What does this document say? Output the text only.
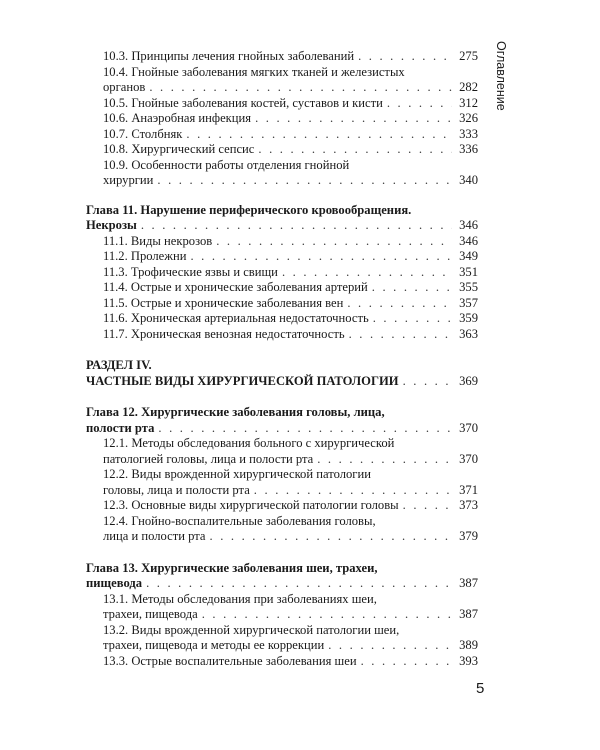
Оглавление
10.3. Принципы лечения гнойных заболеваний . . .	275
10.4. Гнойные заболевания мягких тканей и железистых
органов . . .	282
10.5. Гнойные заболевания костей, суставов и кисти . . .	312
10.6. Анаэробная инфекция . . .	326
10.7. Столбняк . . .	333
10.8. Хирургический сепсис . . .	336
10.9. Особенности работы отделения гнойной
хирургии . . .	340
Глава 11. Нарушение периферического кровообращения.
Некрозы . . .	346
11.1. Виды некрозов . . .	346
11.2. Пролежни . . .	349
11.3. Трофические язвы и свищи . . .	351
11.4. Острые и хронические заболевания артерий . . .	355
11.5. Острые и хронические заболевания вен . . .	357
11.6. Хроническая артериальная недостаточность . . .	359
11.7. Хроническая венозная недостаточность . . .	363
РАЗДЕЛ IV.
ЧАСТНЫЕ ВИДЫ ХИРУРГИЧЕСКОЙ ПАТОЛОГИИ . . .	369
Глава 12. Хирургические заболевания головы, лица,
полости рта . . .	370
12.1. Методы обследования больного с хирургической
патологией головы, лица и полости рта . . .	370
12.2. Виды врожденной хирургической патологии
головы, лица и полости рта . . .	371
12.3. Основные виды хирургической патологии головы . . .	373
12.4. Гнойно-воспалительные заболевания головы,
лица и полости рта . . .	379
Глава 13. Хирургические заболевания шеи, трахеи,
пищевода . . .	387
13.1. Методы обследования при заболеваниях шеи,
трахеи, пищевода . . .	387
13.2. Виды врожденной хирургической патологии шеи,
трахеи, пищевода и методы ее коррекции . . .	389
13.3. Острые воспалительные заболевания шеи . . .	393
5
